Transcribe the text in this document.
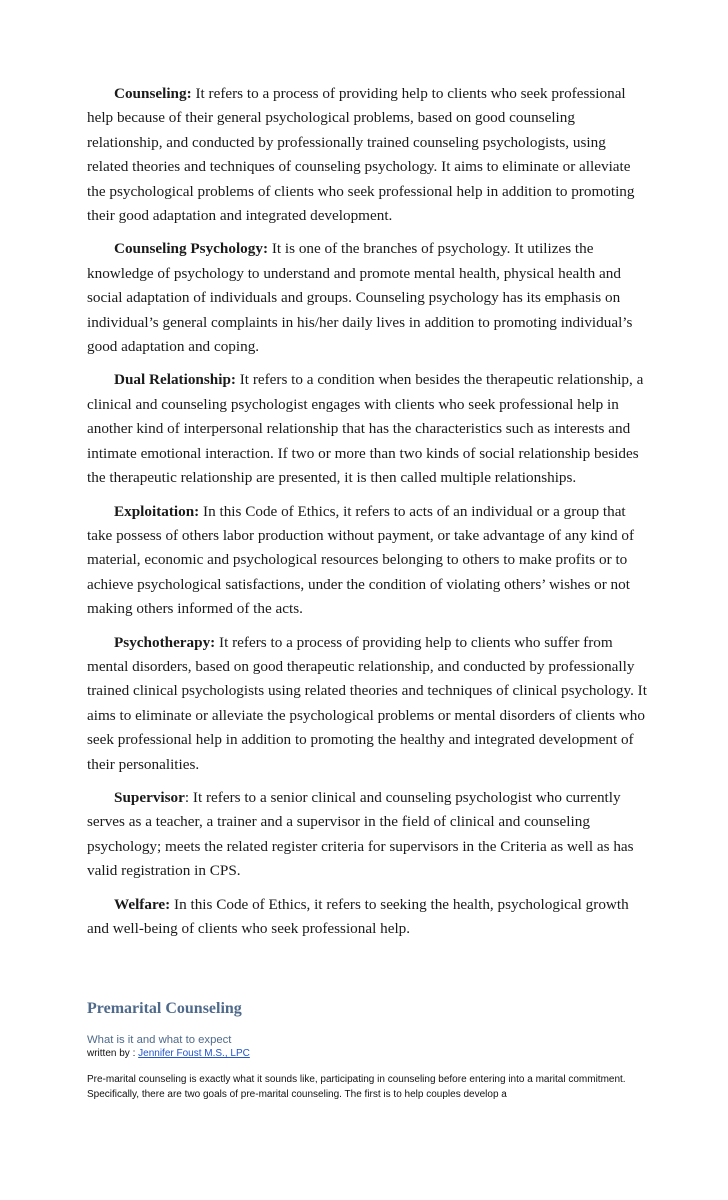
Counseling: It refers to a process of providing help to clients who seek professional help because of their general psychological problems, based on good counseling relationship, and conducted by professionally trained counseling psychologists, using related theories and techniques of counseling psychology. It aims to eliminate or alleviate the psychological problems of clients who seek professional help in addition to promoting their good adaptation and integrated development.

Counseling Psychology: It is one of the branches of psychology. It utilizes the knowledge of psychology to understand and promote mental health, physical health and social adaptation of individuals and groups. Counseling psychology has its emphasis on individual’s general complaints in his/her daily lives in addition to promoting individual’s good adaptation and coping.

Dual Relationship: It refers to a condition when besides the therapeutic relationship, a clinical and counseling psychologist engages with clients who seek professional help in another kind of interpersonal relationship that has the characteristics such as interests and intimate emotional interaction. If two or more than two kinds of social relationship besides the therapeutic relationship are presented, it is then called multiple relationships.

Exploitation: In this Code of Ethics, it refers to acts of an individual or a group that take possess of others labor production without payment, or take advantage of any kind of material, economic and psychological resources belonging to others to make profits or to achieve psychological satisfactions, under the condition of violating others’ wishes or not making others informed of the acts.

Psychotherapy: It refers to a process of providing help to clients who suffer from mental disorders, based on good therapeutic relationship, and conducted by professionally trained clinical psychologists using related theories and techniques of clinical psychology. It aims to eliminate or alleviate the psychological problems or mental disorders of clients who seek professional help in addition to promoting the healthy and integrated development of their personalities.

Supervisor: It refers to a senior clinical and counseling psychologist who currently serves as a teacher, a trainer and a supervisor in the field of clinical and counseling psychology; meets the related register criteria for supervisors in the Criteria as well as has valid registration in CPS.

Welfare: In this Code of Ethics, it refers to seeking the health, psychological growth and well-being of clients who seek professional help.

Premarital Counseling

What is it and what to expect

written by : Jennifer Foust M.S., LPC

Pre-marital counseling is exactly what it sounds like, participating in counseling before entering into a marital commitment. Specifically, there are two goals of pre-marital counseling. The first is to help couples develop a
